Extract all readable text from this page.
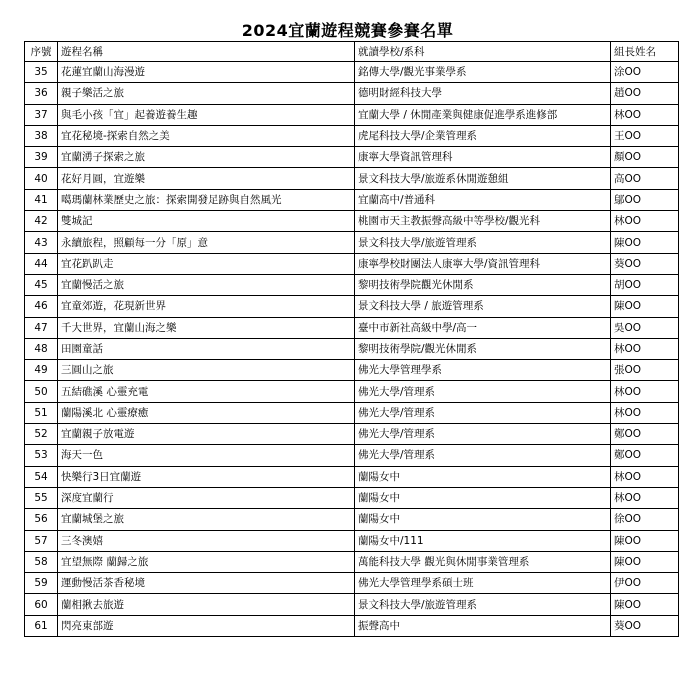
2024宜蘭遊程競賽參賽名單
序號	遊程名稱	就讀學校/系科	組長姓名
35	花蓮宜蘭山海漫遊	銘傳大學/觀光事業學系	涂OO
36	親子樂活之旅	德明財經科技大學	趙OO
37	與毛小孩「宜」起養遊養生趣	宜蘭大學 / 休閒產業與健康促進學系進修部	林OO
38	宜花秘境-探索自然之美	虎尾科技大學/企業管理系	王OO
39	宜蘭湧子探索之旅	康寧大學資訊管理科	顏OO
40	花好月圓，宜遊樂	景文科技大學/旅遊系休閒遊憩組	高OO
41	噶瑪蘭林業歷史之旅：探索開發足跡與自然風光	宜蘭高中/普通科	鄔OO
42	雙城記	桃園市天主教振聲高級中等學校/觀光科	林OO
43	永續旅程，照顧每一分「原」意	景文科技大學/旅遊管理系	陳OO
44	宜花趴趴走	康寧學校財團法人康寧大學/資訊管理科	葵OO
45	宜蘭慢活之旅	黎明技術學院觀光休閒系	胡OO
46	宜童郊遊，花現新世界	景文科技大學 / 旅遊管理系	陳OO
47	千大世界，宜蘭山海之樂	臺中市新社高級中學/高一	吳OO
48	田園童話	黎明技術學院/觀光休閒系	林OO
49	三圓山之旅	佛光大學管理學系	張OO
50	五結礁溪 心靈充電	佛光大學/管理系	林OO
51	蘭陽溪北 心靈療癒	佛光大學/管理系	林OO
52	宜蘭親子放電遊	佛光大學/管理系	鄭OO
53	海天一色	佛光大學/管理系	鄭OO
54	快樂行3日宜蘭遊	蘭陽女中	林OO
55	深度宜蘭行	蘭陽女中	林OO
56	宜蘭城堡之旅	蘭陽女中	徐OO
57	三冬澳嬉	蘭陽女中/111	陳OO
58	宜望無際 蘭歸之旅	萬能科技大學 觀光與休閒事業管理系	陳OO
59	運動慢活茶香秘境	佛光大學管理學系碩士班	伊OO
60	蘭相揪去旅遊	景文科技大學/旅遊管理系	陳OO
61	閃亮東部遊	振聲高中	葵OO
